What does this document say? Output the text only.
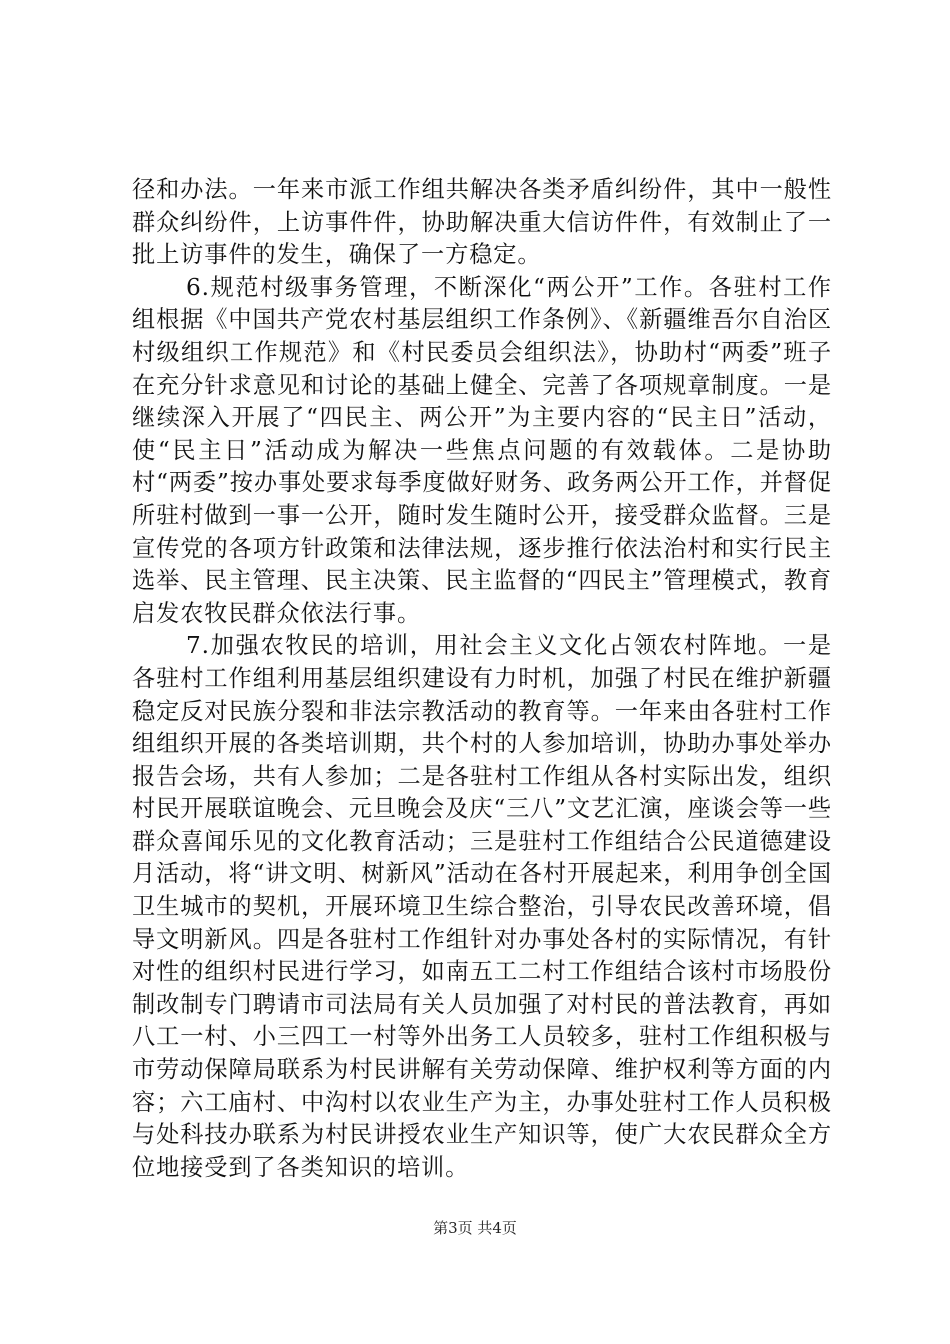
径和办法。一年来市派工作组共解决各类矛盾纠纷件，其中一般性群众纠纷件，上访事件件，协助解决重大信访件件，有效制止了一批上访事件的发生，确保了一方稳定。

6.规范村级事务管理，不断深化“两公开”工作。各驻村工作组根据《中国共产党农村基层组织工作条例》、《新疆维吾尔自治区村级组织工作规范》和《村民委员会组织法》，协助村“两委”班子在充分针求意见和讨论的基础上健全、完善了各项规章制度。一是继续深入开展了“四民主、两公开”为主要内容的“民主日”活动，使“民主日”活动成为解决一些焦点问题的有效载体。二是协助村“两委”按办事处要求每季度做好财务、政务两公开工作，并督促所驻村做到一事一公开，随时发生随时公开，接受群众监督。三是宣传党的各项方针政策和法律法规，逐步推行依法治村和实行民主选举、民主管理、民主决策、民主监督的“四民主”管理模式，教育启发农牧民群众依法行事。

7.加强农牧民的培训，用社会主义文化占领农村阵地。一是各驻村工作组利用基层组织建设有力时机，加强了村民在维护新疆稳定反对民族分裂和非法宗教活动的教育等。一年来由各驻村工作组组织开展的各类培训期，共个村的人参加培训，协助办事处举办报告会场，共有人参加；二是各驻村工作组从各村实际出发，组织村民开展联谊晚会、元旦晚会及庆“三八”文艺汇演，座谈会等一些群众喜闻乐见的文化教育活动；三是驻村工作组结合公民道德建设月活动，将“讲文明、树新风”活动在各村开展起来，利用争创全国卫生城市的契机，开展环境卫生综合整治，引导农民改善环境，倡导文明新风。四是各驻村工作组针对办事处各村的实际情况，有针对性的组织村民进行学习，如南五工二村工作组结合该村市场股份制改制专门聘请市司法局有关人员加强了对村民的普法教育，再如八工一村、小三四工一村等外出务工人员较多，驻村工作组积极与市劳动保障局联系为村民讲解有关劳动保障、维护权利等方面的内容；六工庙村、中沟村以农业生产为主，办事处驻村工作人员积极与处科技办联系为村民讲授农业生产知识等，使广大农民群众全方位地接受到了各类知识的培训。

第3页 共4页
